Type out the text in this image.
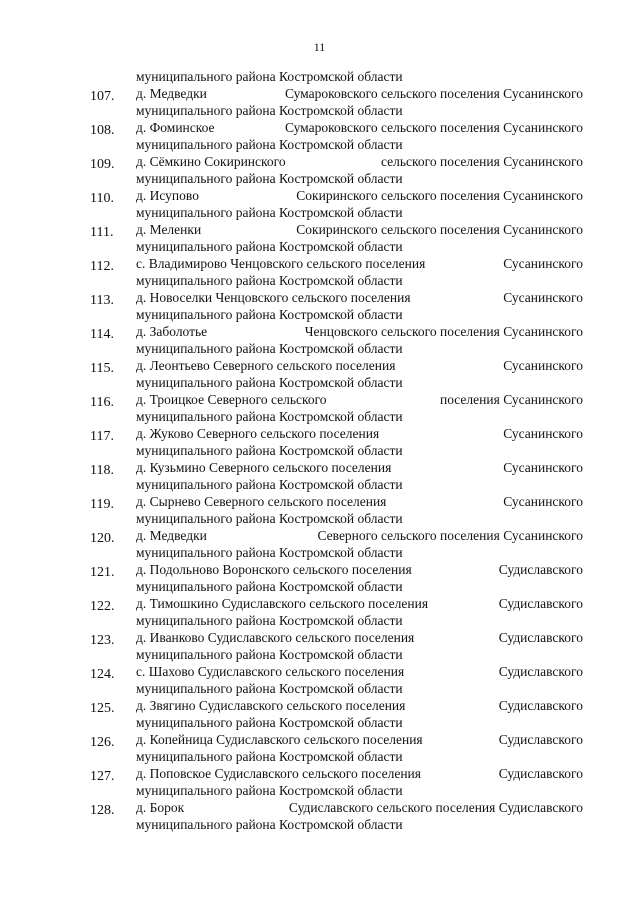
11
муниципального района Костромской области
107. д. Медведки	Сумароковского сельского поселения Сусанинского
муниципального района Костромской области
108. д. Фоминское	Сумароковского сельского поселения Сусанинского
муниципального района Костромской области
109. д. Сёмкино Сокиринского	сельского поселения Сусанинского
муниципального района Костромской области
110. д. Исупово	Сокиринского сельского поселения Сусанинского
муниципального района Костромской области
111. д. Меленки	Сокиринского сельского поселения Сусанинского
муниципального района Костромской области
112. с. Владимирово Ченцовского сельского поселения	Сусанинского
муниципального района Костромской области
113. д. Новоселки Ченцовского сельского поселения	Сусанинского
муниципального района Костромской области
114. д. Заболотье	Ченцовского сельского поселения Сусанинского
муниципального района Костромской области
115. д. Леонтьево Северного сельского поселения	Сусанинского
муниципального района Костромской области
116. д. Троицкое Северного сельского	поселения Сусанинского
муниципального района Костромской области
117. д. Жуково Северного сельского поселения	Сусанинского
муниципального района Костромской области
118. д. Кузьмино Северного сельского поселения	Сусанинского
муниципального района Костромской области
119. д. Сырнево Северного сельского поселения	Сусанинского
муниципального района Костромской области
120. д. Медведки	Северного сельского поселения Сусанинского
муниципального района Костромской области
121. д. Подольново Воронского сельского поселения	Судиславского
муниципального района Костромской области
122. д. Тимошкино Судиславского сельского поселения	Судиславского
муниципального района Костромской области
123. д. Иванково Судиславского сельского поселения	Судиславского
муниципального района Костромской области
124. с. Шахово Судиславского сельского поселения	Судиславского
муниципального района Костромской области
125. д. Звягино Судиславского сельского поселения	Судиславского
муниципального района Костромской области
126. д. Копейница Судиславского сельского поселения	Судиславского
муниципального района Костромской области
127. д. Поповское Судиславского сельского поселения	Судиславского
муниципального района Костромской области
128. д. Борок	Судиславского сельского поселения Судиславского
муниципального района Костромской области
